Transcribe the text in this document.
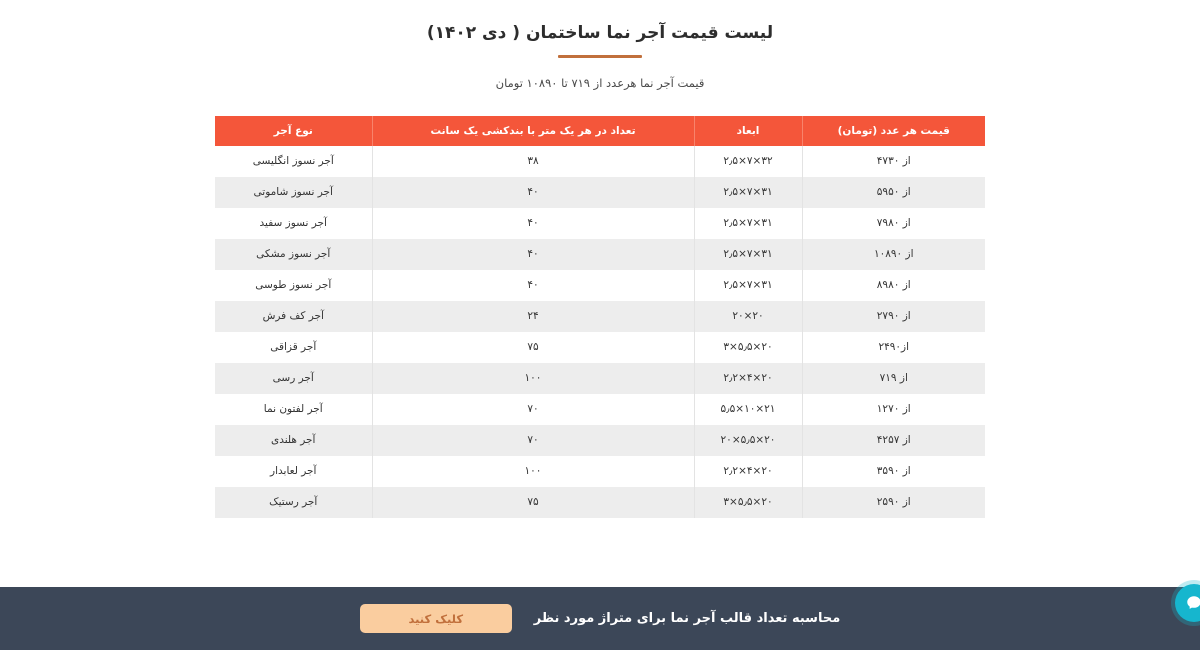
لیست قیمت آجر نما ساختمان ( دی ۱۴۰۲)

قیمت آجر نما هرعدد از ۷۱۹ تا ۱۰۸۹۰ تومان

قیمت هر عدد (تومان)	ابعاد	تعداد در هر یک متر با بندکشی یک سانت	نوع آجر
از ۴۷۳۰	۳۲×۷×۲٫۵	۳۸	آجر نسوز انگلیسی
از ۵۹۵۰	۳۱×۷×۲٫۵	۴۰	آجر نسوز شاموتی
از ۷۹۸۰	۳۱×۷×۲٫۵	۴۰	آجر نسوز سفید
از ۱۰۸۹۰	۳۱×۷×۲٫۵	۴۰	آجر نسوز مشکی
از ۸۹۸۰	۳۱×۷×۲٫۵	۴۰	آجر نسوز طوسی
از ۲۷۹۰	۲۰×۲۰	۲۴	آجر کف فرش
از۲۴۹۰	۲۰×۵٫۵×۳	۷۵	آجر قزاقی
از ۷۱۹	۲۰×۴×۲٫۲	۱۰۰	آجر رسی
از ۱۲۷۰	۲۱×۱۰×۵٫۵	۷۰	آجر لفتون نما
از ۴۲۵۷	۲۰×۵٫۵×۲۰	۷۰	آجر هلندی
از ۳۵۹۰	۲۰×۴×۲٫۲	۱۰۰	آجر لعابدار
از ۲۵۹۰	۲۰×۵٫۵×۳	۷۵	آجر رستیک
محاسبه تعداد قالب آجر نما برای متراژ مورد نظر
کلیک کنید
